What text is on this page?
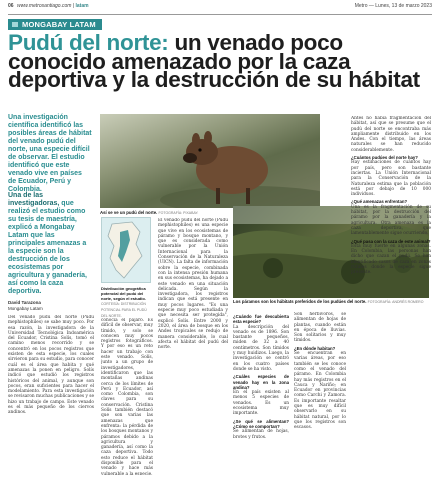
06 www.metrosantiago.com | latam	Metro — Lunes, 13 de marzo 2023
MONGABAY LATAM
Pudú del norte: un venado poco conocido amenazado por la caza deportiva y la destrucción de su hábitat
Una investigación científica identificó las posibles áreas de hábitat del venado pudú del norte, una especie difícil de observar. El estudio identificó que este venado vive en países de Ecuador, Perú y Colombia.
Una de las investigadoras, que realizó el estudio como su tesis de maestría, explicó a Mongabay Latam que las principales amenazas a la especie son la destrucción de los ecosistemas por agricultura y ganadería, así como la caza deportiva.
David Tarazona
Mongabay Latam
Del venado pudú del norte (Pudu mephistophiles) se sabe muy poco. Por esa razón, la investigadora de la Universidad Tecnológica Indoamérica del Ecuador, Cristina Solís, tomó el camino menos recorrido y se concentró en los pocos registros que existen de esta especie, los cuales sirvieron para su estudio, para conocer cuál es el área que habita y qué amenazas la ponen en peligro. Solís indicó que estudió los registros históricos del animal, y aunque son pocos, eran suficientes para hacer el modelamiento. Para esta investigación se revisaron muchas publicaciones y se hizo un trabajo de campo. Este venado es el más pequeño de los ciervos andinos.
Así se ve un pudú del norte. FOTOGRAFÍA: PIXABAY.
Distribución geográfica potencial del pudú del norte, según el estudio. CORTESÍA: DISTRIBUCIÓN POTENCIAL PARA EL PUDÚ DEL NORTE.
conocía el pájaro. Es difícil de observar, muy tímido, y solo se conocen muy pocos registros fotográficos. Y por eso es un reto hacer un trabajo con este venado. Solís, junto a un grupo de investigadores, identificaron que las montañas andinas cerca de los límites de Perú y Ecuador, así como Colombia, son claves para su conservación. Cristina Solís también destacó que son varias las amenazas que enfrenta: la pérdida de los bosques montanos y páramos debido a la agricultura y ganadería, así como la caza deportiva. Todo esto reduce el hábitat disponible para el venado y hace más vulnerable a la especie.
El venado pudú del norte (Pudu mephistophiles) es una especie que vive en los ecosistemas de páramo y bosque montano, y que es considerada como vulnerable por la Unión Internacional para la Conservación de la Naturaleza (UICN). La falta de información sobre la especie, combinada con la intensa presión humana en sus ecosistemas, ha dejado a este venado en una situación delicada. Según la investigadora, los registros indican que está presente en muy pocos lugares. "Es una especie muy poco estudiada y que necesita ser protegida", explicó Solís. Entre 2000 y 2020, el área de bosque en los Andes tropicales se redujo de manera considerable, lo cual afecta el hábitat del pudú del norte.
Los páramos son los hábitats preferidos de los pudúes del norte. FOTOGRAFÍA: ANDRÉS ROMERO
¿Cuándo fue descubierta esta especie?
La descripción del venado es de 1896. Son bastante pequeños, miden de 32 a 40 centímetros. Son tímidos y muy huidizos. Luego, la investigación se centró en los cuatro países donde se ha visto.
¿Cuáles especies de venado hay en la zona andina?
En el país existen al menos 5 especies de venados. Es un ecosistema muy importante.
¿Se qué se alimentan? ¿Cómo se comportan?
Se alimentan de hojas, brotes y frutos.
Son herbívoros, se alimentan de hojas de plantas, cuando están en época de lluvias. Son solitarios y muy tímidos.
¿En dónde habitan?
Se encuentran en varias áreas, por eso también se les conoce como el venado del páramo. En Colombia hay más registros en el Cauca y Nariño; en Ecuador en provincias como Carchi y Zamora. Es importante resaltar que es muy difícil observarlo en su hábitat natural, por lo que los registros son escasos.
Antes no había fragmentación del hábitat, así que se presume que el pudú del norte se encontraba más ampliamente distribuido en los Andes. Con el tiempo, las áreas naturales se han reducido considerablemente.
¿Cuántos pudúes del norte hay?
Hay estimaciones de cuántos hay por país, pero son bastante inciertas. La Unión Internacional para la Conservación de la Naturaleza estima que la población está por debajo de 10 000 individuos.
¿Qué amenazas enfrentan?
Una es la fragmentación de su hábitat, por la destrucción del páramo por la ganadería y la agricultura. Otra amenaza es la caza deportiva, que lamentablemente sigue ocurriendo.
¿Qué pasa con la caza de este animal?
Está muy fuerte en algunas zonas. En Colombia, las personas han dicho que cazan el pudú. Se han identificado casos de caza en zonas rurales donde la especie sigue presente.
